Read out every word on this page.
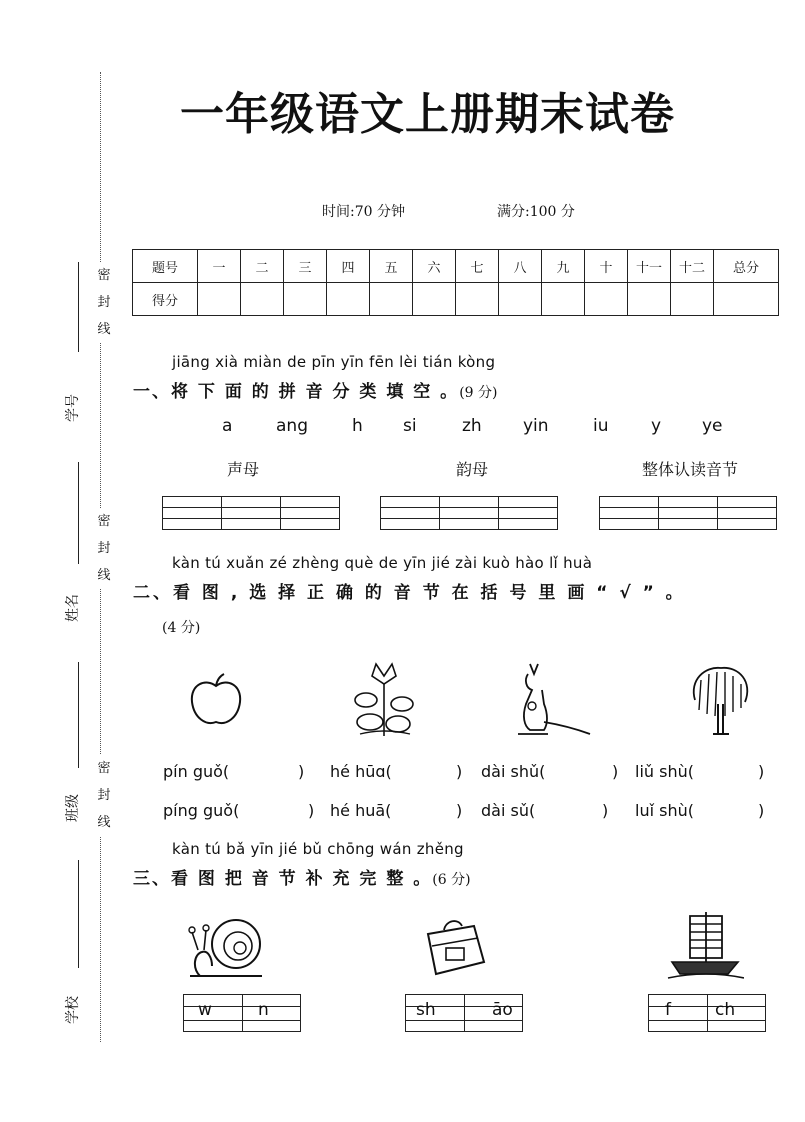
学号
姓名
班级
学校
密
封
线
密
封
线
密
封
线
一年级语文上册期末试卷
时间:70 分钟	满分:100 分
题号	一	二	三	四	五	六	七	八	九	十	十一	十二	总分
得分													
jiāng xià miàn de pīn yīn fēn lèi tián kòng
一、将 下 面 的 拼 音 分 类 填 空 。(9 分)
a	ang	h si	zh yin	iu	y ye
声母	韵母	整体认读音节

kàn tú xuǎn zé zhèng què de yīn jié zài kuò hào lǐ huà
二、看 图 , 选 择 正 确 的 音 节 在 括 号 里 画 “ √ ” 。
(4 分)
pín guǒ(	) hé hūɑ(	) dài shǔ(	) liǔ shù(	)
píng guǒ(	) hé huā(	) dài sǔ(	) luǐ shù(	)
kàn tú bǎ yīn jié bǔ chōng wán zhěng
三、看 图 把 音 节 补 充 完 整 。(6 分)
w	n	sh	āo	f	ch
